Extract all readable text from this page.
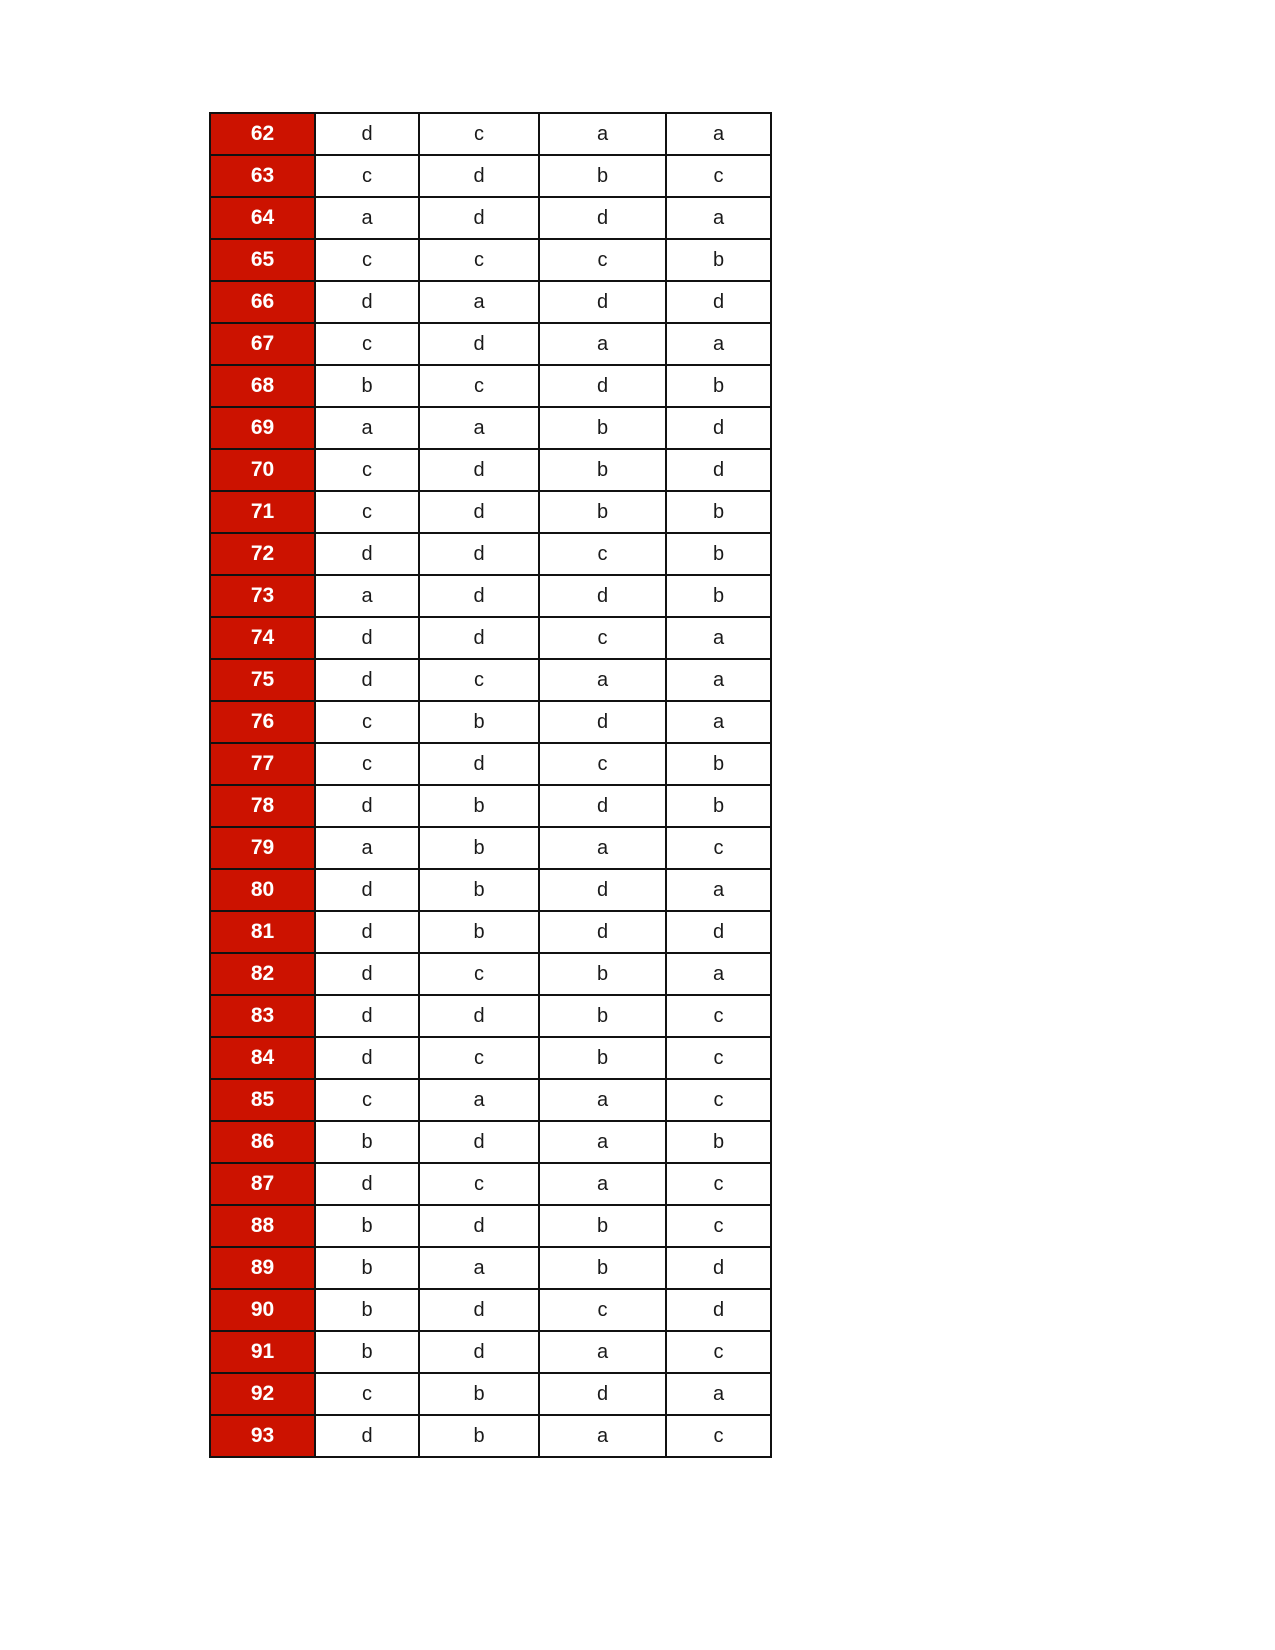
62	d	c	a	a
63	c	d	b	c
64	a	d	d	a
65	c	c	c	b
66	d	a	d	d
67	c	d	a	a
68	b	c	d	b
69	a	a	b	d
70	c	d	b	d
71	c	d	b	b
72	d	d	c	b
73	a	d	d	b
74	d	d	c	a
75	d	c	a	a
76	c	b	d	a
77	c	d	c	b
78	d	b	d	b
79	a	b	a	c
80	d	b	d	a
81	d	b	d	d
82	d	c	b	a
83	d	d	b	c
84	d	c	b	c
85	c	a	a	c
86	b	d	a	b
87	d	c	a	c
88	b	d	b	c
89	b	a	b	d
90	b	d	c	d
91	b	d	a	c
92	c	b	d	a
93	d	b	a	c
